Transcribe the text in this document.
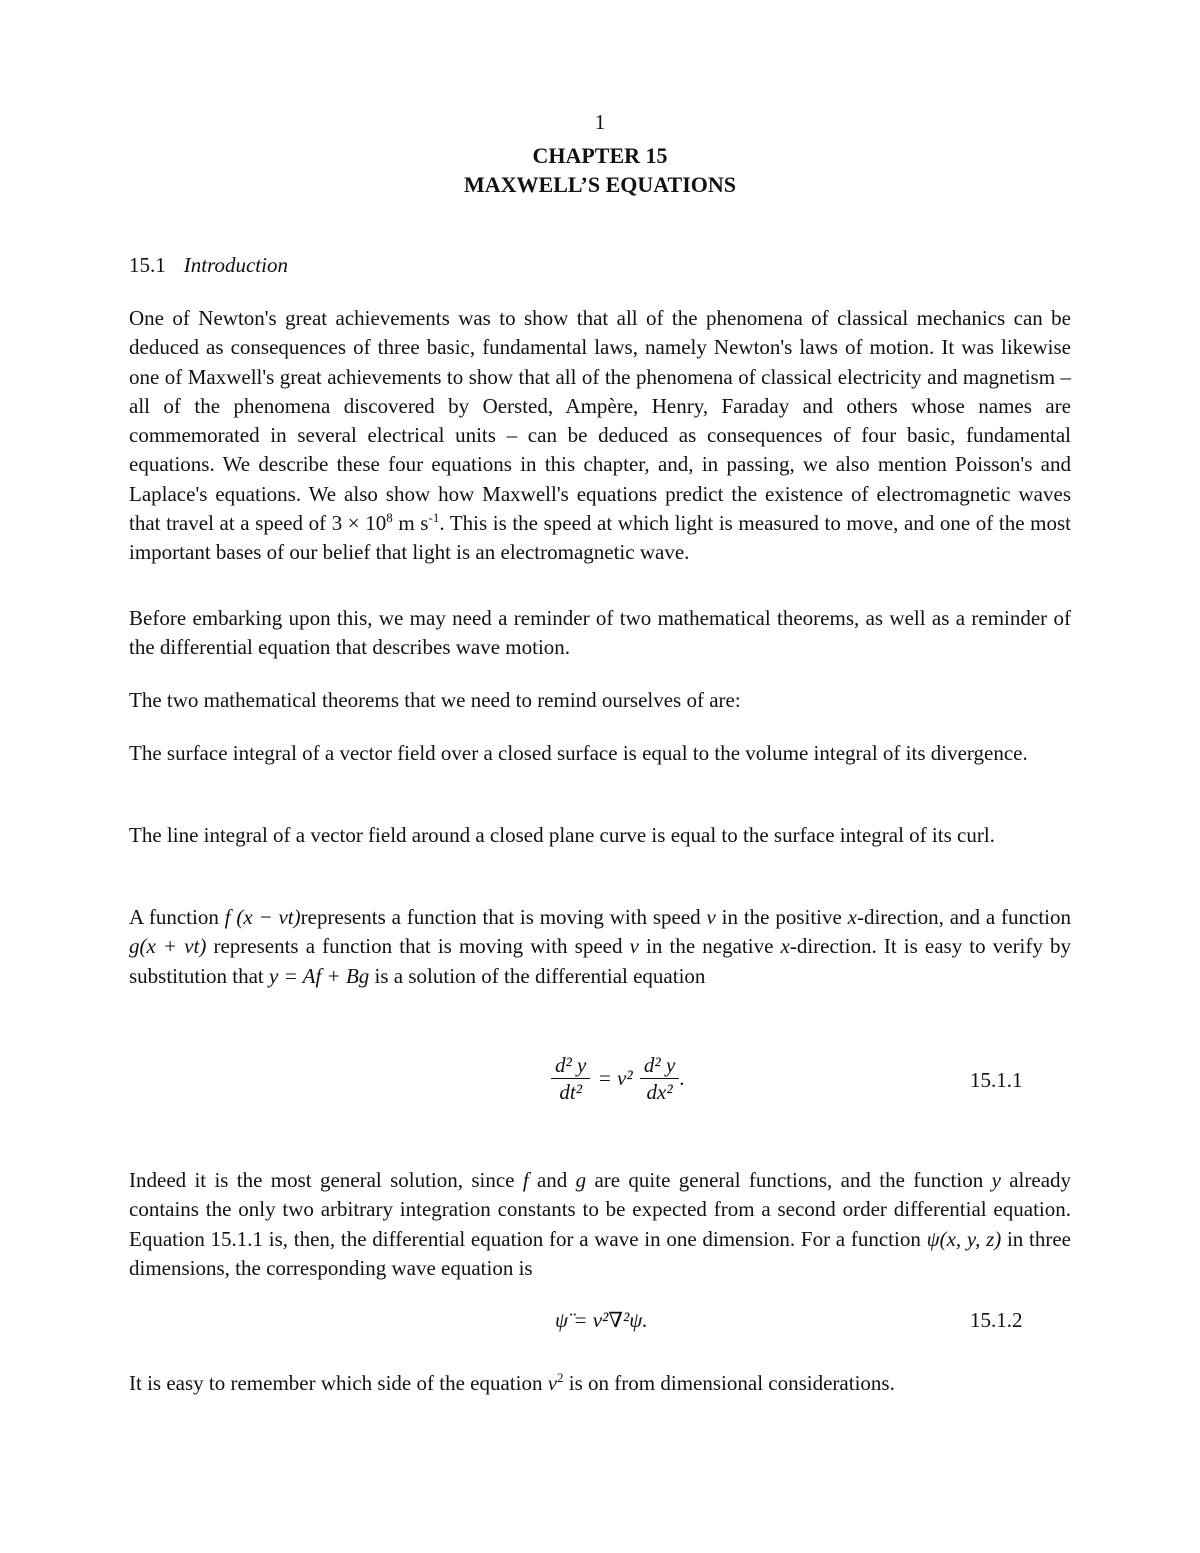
1
CHAPTER 15
MAXWELL’S EQUATIONS
15.1 Introduction

One of Newton's great achievements was to show that all of the phenomena of classical mechanics can be deduced as consequences of three basic, fundamental laws, namely Newton's laws of motion. It was likewise one of Maxwell's great achievements to show that all of the phenomena of classical electricity and magnetism – all of the phenomena discovered by Oersted, Ampère, Henry, Faraday and others whose names are commemorated in several electrical units – can be deduced as consequences of four basic, fundamental equations. We describe these four equations in this chapter, and, in passing, we also mention Poisson's and Laplace's equations. We also show how Maxwell's equations predict the existence of electromagnetic waves that travel at a speed of $3 \times 10^8$ m $s^{-1}$. This is the speed at which light is measured to move, and one of the most important bases of our belief that light is an electromagnetic wave.

Before embarking upon this, we may need a reminder of two mathematical theorems, as well as a reminder of the differential equation that describes wave motion.

The two mathematical theorems that we need to remind ourselves of are:

The surface integral of a vector field over a closed surface is equal to the volume integral of its divergence.

The line integral of a vector field around a closed plane curve is equal to the surface integral of its curl.

A function f (x − vt)represents a function that is moving with speed v in the positive x-direction, and a function g(x + vt) represents a function that is moving with speed v in the negative x-direction. It is easy to verify by substitution that y = Af + Bg is a solution of the differential equation

$\frac{\text{d² y}}{\text{dt²}} = v^2 \frac{\text{d² y}}{\text{dx²}}$ .	15.1.1

Indeed it is the most general solution, since f and g are quite general functions, and the function y already contains the only two arbitrary integration constants to be expected from a second order differential equation. Equation 15.1.1 is, then, the differential equation for a wave in one dimension. For a function ψ(x, y, z) in three dimensions, the corresponding wave equation is

ψ̈ = v²∇²ψ.	15.1.2

It is easy to remember which side of the equation $v^2$ is on from dimensional considerations.
